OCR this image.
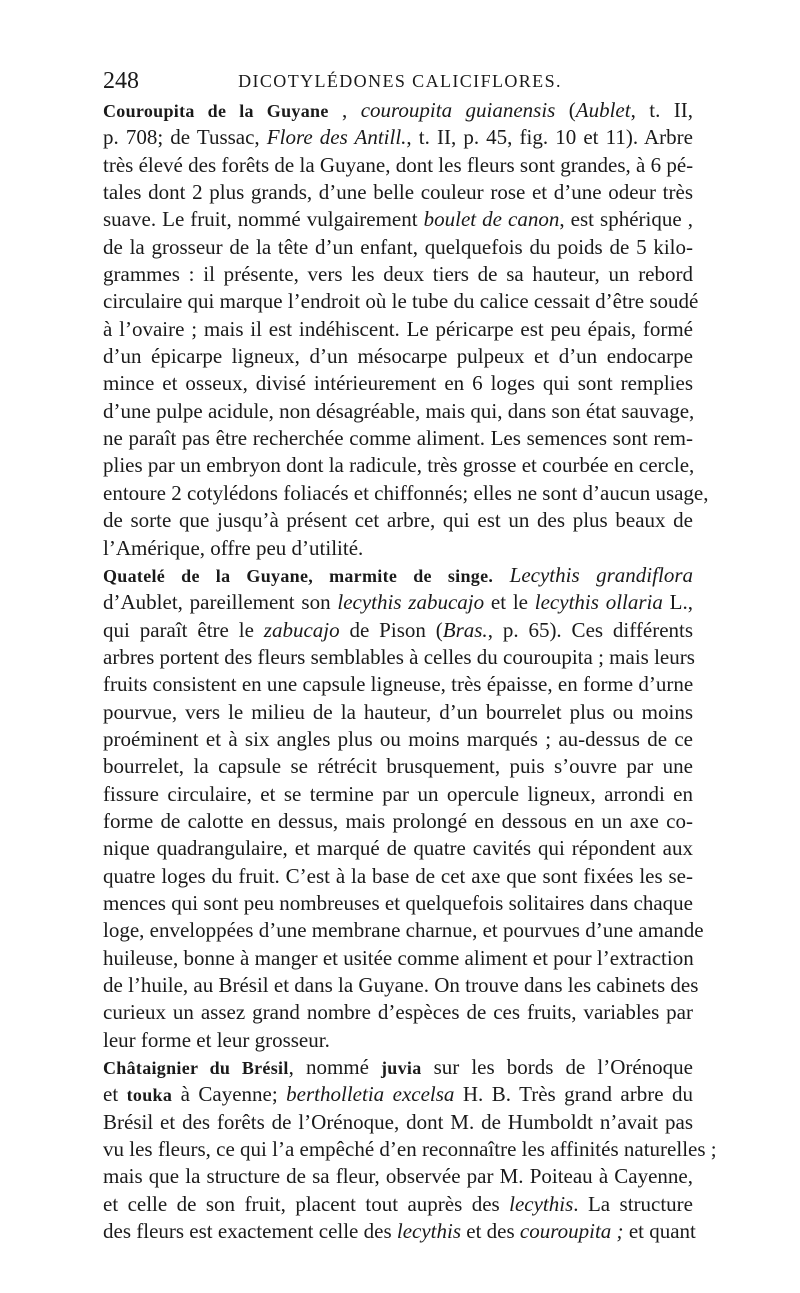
248	DICOTYLÉDONES CALICIFLORES.
Couroupita de la Guyane , couroupita guianensis (Aublet, t. II,
p. 708; de Tussac, Flore des Antill., t. II, p. 45, fig. 10 et 11). Arbre
très élevé des forêts de la Guyane, dont les fleurs sont grandes, à 6 pé-
tales dont 2 plus grands, d’une belle couleur rose et d’une odeur très
suave. Le fruit, nommé vulgairement boulet de canon, est sphérique ,
de la grosseur de la tête d’un enfant, quelquefois du poids de 5 kilo-
grammes : il présente, vers les deux tiers de sa hauteur, un rebord
circulaire qui marque l’endroit où le tube du calice cessait d’être soudé
à l’ovaire ; mais il est indéhiscent. Le péricarpe est peu épais, formé
d’un épicarpe ligneux, d’un mésocarpe pulpeux et d’un endocarpe
mince et osseux, divisé intérieurement en 6 loges qui sont remplies
d’une pulpe acidule, non désagréable, mais qui, dans son état sauvage,
ne paraît pas être recherchée comme aliment. Les semences sont rem-
plies par un embryon dont la radicule, très grosse et courbée en cercle,
entoure 2 cotylédons foliacés et chiffonnés; elles ne sont d’aucun usage,
de sorte que jusqu’à présent cet arbre, qui est un des plus beaux de
l’Amérique, offre peu d’utilité.
Quatelé de la Guyane, marmite de singe. Lecythis grandiflora
d’Aublet, pareillement son lecythis zabucajo et le lecythis ollaria L.,
qui paraît être le zabucajo de Pison (Bras., p. 65). Ces différents
arbres portent des fleurs semblables à celles du couroupita ; mais leurs
fruits consistent en une capsule ligneuse, très épaisse, en forme d’urne
pourvue, vers le milieu de la hauteur, d’un bourrelet plus ou moins
proéminent et à six angles plus ou moins marqués ; au-dessus de ce
bourrelet, la capsule se rétrécit brusquement, puis s’ouvre par une
fissure circulaire, et se termine par un opercule ligneux, arrondi en
forme de calotte en dessus, mais prolongé en dessous en un axe co-
nique quadrangulaire, et marqué de quatre cavités qui répondent aux
quatre loges du fruit. C’est à la base de cet axe que sont fixées les se-
mences qui sont peu nombreuses et quelquefois solitaires dans chaque
loge, enveloppées d’une membrane charnue, et pourvues d’une amande
huileuse, bonne à manger et usitée comme aliment et pour l’extraction
de l’huile, au Brésil et dans la Guyane. On trouve dans les cabinets des
curieux un assez grand nombre d’espèces de ces fruits, variables par
leur forme et leur grosseur.
Châtaignier du Brésil, nommé juvia sur les bords de l’Orénoque
et touka à Cayenne; bertholletia excelsa H. B. Très grand arbre du
Brésil et des forêts de l’Orénoque, dont M. de Humboldt n’avait pas
vu les fleurs, ce qui l’a empêché d’en reconnaître les affinités naturelles ;
mais que la structure de sa fleur, observée par M. Poiteau à Cayenne,
et celle de son fruit, placent tout auprès des lecythis. La structure
des fleurs est exactement celle des lecythis et des couroupita ; et quant
